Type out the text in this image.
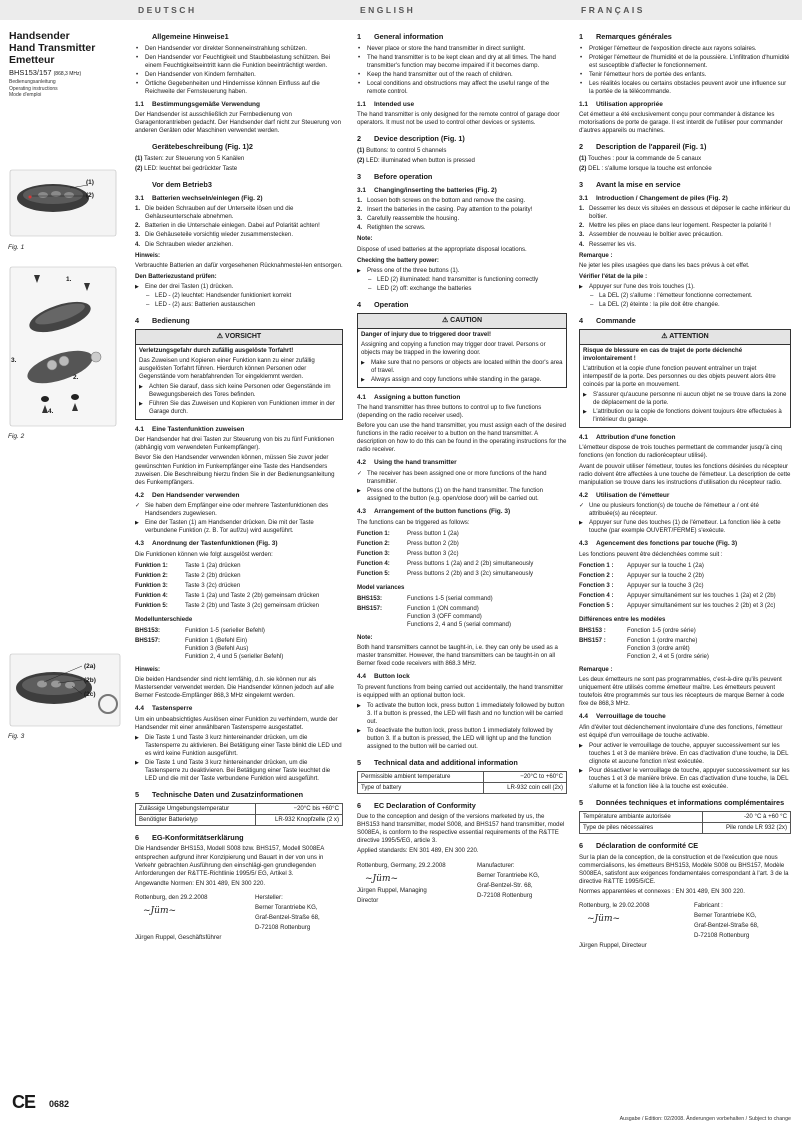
DEUTSCH	ENGLISH	FRANÇAIS
Handsender
Hand Transmitter
Emetteur
BHS153/157 (868,3 MHz)
Bedienungsanleitung
Operating instructions
Mode d'emploi
(1)
(2)
Fig. 1
1.
3.
2.
4.
Fig. 2
(2a)
(2b)
(2c)
Fig. 3
CE 0682
Allgemeine Hinweise1
• Den Handsender vor direkter Sonneneinstrahlung schützen.
• Den Handsender vor Feuchtigkeit und Staubbelastung schützen. Bei einem Feuchtigkeitseintritt kann die Funktion beeinträchtigt werden.
• Den Handsender von Kindern fernhalten.
• Örtliche Gegebenheiten und Hindernisse können Einfluss auf die Reichweite der Fernsteuerung haben.
1.1	Bestimmungsgemäße Verwendung

Der Handsender ist ausschließlich zur Fernbedienung von Garagentorantrieben gedacht. Der Handsender darf nicht zur Steuerung von anderen Geräten oder Maschinen verwendet werden.

Gerätebeschreibung (Fig. 1)2

(1) Tasten: zur Steuerung von 5 Kanälen

(2) LED: leuchtet bei gedrückter Taste

Vor dem Betrieb3
3.1	Batterien wechseln/einlegen (Fig. 2)
1. Die beiden Schrauben auf der Unterseite lösen und die Gehäuseunterschale abnehmen.
2. Batterien in die Unterschale einlegen. Dabei auf Polarität achten!
3. Die Gehäuseteile vorsichtig wieder zusammenstecken.
4. Die Schrauben wieder anziehen.

Hinweis:

Verbrauchte Batterien an dafür vorgesehenen Rücknahmestel-len entsorgen.

Den Batteriezustand prüfen:

▶ Eine der drei Tasten (1) drücken.
– LED - (2) leuchtet: Handsender funktioniert korrekt
– LED - (2) aus: Batterien austauschen
4	Bedienung
⚠ VORSICHT

Verletzungsgefahr durch zufällig ausgelöste Torfahrt!

Das Zuweisen und Kopieren einer Funktion kann zu einer zufällig ausgelösten Torfahrt führen. Hierdurch können Personen oder Gegenstände vom herabfahrenden Tor eingeklemmt werden.

▶ Achten Sie darauf, dass sich keine Personen oder Gegenstände im Bewegungsbereich des Tores befinden.
▶ Führen Sie das Zuweisen und Kopieren von Funktionen immer in der Garage durch.
4.1	Eine Tastenfunktion zuweisen

Der Handsender hat drei Tasten zur Steuerung von bis zu fünf Funktionen (abhängig vom verwendeten Funkempfänger).

Bevor Sie den Handsender verwenden können, müssen Sie zuvor jeder gewünschten Funktion im Funkempfänger eine Taste des Handsenders zuweisen. Die Beschreibung hierzu finden Sie in der Bedienungsanleitung des Funkempfängers.

4.2	Den Handsender verwenden
✓ Sie haben dem Empfänger eine oder mehrere Tastenfunktionen des Handsenders zugewiesen.
▶ Eine der Tasten (1) am Handsender drücken. Die mit der Taste verbundene Funktion (z. B. Tor auf/zu) wird ausgeführt.
4.3	Anordnung der Tastenfunktionen (Fig. 3)

Die Funktionen können wie folgt ausgelöst werden:

Funktion 1:	Taste 1 (2a) drücken
Funktion 2:	Taste 2 (2b) drücken
Funktion 3:	Taste 3 (2c) drücken
Funktion 4:	Taste 1 (2a) und Taste 2 (2b) gemeinsam drücken
Funktion 5:	Taste 2 (2b) und Taste 3 (2c) gemeinsam drücken

Modellunterschiede

BHS153:	Funktion 1-5 (serieller Befehl)
BHS157:	Funktion 1 (Befehl Ein)
Funktion 3 (Befehl Aus)
Funktion 2, 4 und 5 (serieller Befehl)

Hinweis:

Die beiden Handsender sind nicht lernfähig, d.h. sie können nur als Mastersender verwendet werden. Die Handsender können jedoch auf alle Berner Festcode-Empfänger 868,3 MHz eingelernt werden.

4.4	Tastensperre

Um ein unbeabsichtigtes Auslösen einer Funktion zu verhindern, wurde der Handsender mit einer anwählbaren Tastensperre ausgestattet.

▶ Die Taste 1 und Taste 3 kurz hintereinander drücken, um die Tastensperre zu aktivieren. Bei Betätigung einer Taste blinkt die LED und es wird keine Funktion ausgeführt.
▶ Die Taste 1 und Taste 3 kurz hintereinander drücken, um die Tastensperre zu deaktivieren. Bei Betätigung einer Taste leuchtet die LED und die mit der Taste verbundene Funktion wird ausgeführt.
5	Technische Daten und Zusatzinformationen
Zulässige Umgebungstemperatur	−20°C bis +60°C
Benötigter Batterietyp	LR-932 Knopfzelle (2 x)
6	EG-Konformitätserklärung

Die Handsender BHS153, Modell S008 bzw. BHS157, Modell S008EA entsprechen aufgrund ihrer Konzipierung und Bauart in der von uns in Verkehr gebrachten Ausführung den einschlägi-gen grundlegenden Anforderungen der R&TTE-Richtlinie 1995/5/ EG, Artikel 3.

Angewandte Normen: EN 301 489, EN 300 220.

Rottenburg, den 29.2.2008

~Jüm~

Hersteller:

Berner Torantriebe KG,

Graf-Bentzel-Straße 68,

D-72108 Rottenburg

Jürgen Ruppel, Geschäftsführer

1	General information
• Never place or store the hand transmitter in direct sunlight.
• The hand transmitter is to be kept clean and dry at all times. The hand transmitter's function may become impaired if it becomes damp.
• Keep the hand transmitter out of the reach of children.
• Local conditions and obstructions may affect the useful range of the remote control.
1.1	Intended use

The hand transmitter is only designed for the remote control of garage door operators. It must not be used to control other devices or systems.

2	Device description (Fig. 1)

(1) Buttons: to control 5 channels

(2) LED: illuminated when button is pressed

3	Before operation
3.1	Changing/inserting the batteries (Fig. 2)
1. Loosen both screws on the bottom and remove the casing.
2. Insert the batteries in the casing. Pay attention to the polarity!
3. Carefully reassemble the housing.
4. Retighten the screws.

Note:

Dispose of used batteries at the appropriate disposal locations.

Checking the battery power:

▶ Press one of the three buttons (1).
– LED (2) illuminated: hand transmitter is functioning correctly
– LED (2) off: exchange the batteries
4	Operation
⚠ CAUTION

Danger of injury due to triggered door travel!

Assigning and copying a function may trigger door travel. Persons or objects may be trapped in the lowering door.

▶ Make sure that no persons or objects are located within the door's area of travel.
▶ Always assign and copy functions while standing in the garage.
4.1	Assigning a button function

The hand transmitter has three buttons to control up to five functions (depending on the radio receiver used).

Before you can use the hand transmitter, you must assign each of the desired functions in the radio receiver to a button on the hand transmitter. A description on how to do this can be found in the operating instructions for the radio receiver.

4.2	Using the hand transmitter
✓ The receiver has been assigned one or more functions of the hand transmitter.
▶ Press one of the buttons (1) on the hand transmitter. The function assigned to the button (e.g. open/close door) will be carried out.
4.3	Arrangement of the button functions (Fig. 3)

The functions can be triggered as follows:

Function 1:	Press button 1 (2a)
Function 2:	Press button 2 (2b)
Function 3:	Press button 3 (2c)
Function 4:	Press buttons 1 (2a) and 2 (2b) simultaneously
Function 5:	Press buttons 2 (2b) and 3 (2c) simultaneously

Model variances

BHS153:	Functions 1-5 (serial command)
BHS157:	Function 1 (ON command)
Function 3 (OFF command)
Functions 2, 4 and 5 (serial command)

Note:

Both hand transmitters cannot be taught-in, i.e. they can only be used as a master transmitter. However, the hand transmitters can be taught-in on all Berner fixed code receivers with 868.3 MHz.

4.4	Button lock

To prevent functions from being carried out accidentally, the hand transmitter is equipped with an optional button lock.

▶ To activate the button lock, press button 1 immediately followed by button 3. If a button is pressed, the LED will flash and no function will be carried out.
▶ To deactivate the button lock, press button 1 immediately followed by button 3. If a button is pressed, the LED will light up and the function assigned to the button will be carried out.
5	Technical data and additional information
Permissible ambient temperature	−20°C to +60°C
Type of battery	LR-932 coin cell (2x)
6	EC Declaration of Conformity

Due to the conception and design of the versions marketed by us, the BHS153 hand transmitter, model S008, and BHS157 hand transmitter, model S008EA, is conform to the respective essential requirements of the R&TTE directive 1995/5/EG, article 3.

Applied standards: EN 301 489, EN 300 220.

Rottenburg, Germany, 29.2.2008

~Jüm~

Jürgen Ruppel, Managing

Director

Manufacturer:

Berner Torantriebe KG,

Graf-Bentzel-Str. 68,

D-72108 Rottenburg

1	Remarques générales
• Protéger l'émetteur de l'exposition directe aux rayons solaires.
• Protéger l'émetteur de l'humidité et de la poussière. L'infiltration d'humidité est susceptible d'affecter le fonctionnement.
• Tenir l'émetteur hors de portée des enfants.
• Les réalités locales ou certains obstacles peuvent avoir une influence sur la portée de la télécommande.
1.1	Utilisation appropriée

Cet émetteur a été exclusivement conçu pour commander à distance les motorisations de porte de garage. Il est interdit de l'utiliser pour commander d'autres appareils ou machines.

2	Description de l'appareil (Fig. 1)

(1) Touches : pour la commande de 5 canaux

(2) DEL : s'allume lorsque la touche est enfoncée

3	Avant la mise en service
3.1	Introduction / Changement de piles (Fig. 2)
1. Desserrer les deux vis situées en dessous et déposer le cache inférieur du boîtier.
2. Mettre les piles en place dans leur logement. Respecter la polarité !
3. Assembler de nouveau le boîtier avec précaution.
4. Resserrer les vis.

Remarque :

Ne jeter les piles usagées que dans les bacs prévus à cet effet.

Vérifier l'état de la pile :

▶ Appuyer sur l'une des trois touches (1).
– La DEL (2) s'allume : l'émetteur fonctionne correctement.
– La DEL (2) éteinte : la pile doit être changée.
4	Commande
⚠ ATTENTION

Risque de blessure en cas de trajet de porte déclenché involontairement !

L'attribution et la copie d'une fonction peuvent entraîner un trajet intempestif de la porte. Des personnes ou des objets peuvent alors être coincés par la porte en mouvement.

▶ S'assurer qu'aucune personne ni aucun objet ne se trouve dans la zone de déplacement de la porte.
▶ L'attribution ou la copie de fonctions doivent toujours être effectuées à l'intérieur du garage.
4.1	Attribution d'une fonction

L'émetteur dispose de trois touches permettant de commander jusqu'à cinq fonctions (en fonction du radiorécepteur utilisé).

Avant de pouvoir utiliser l'émetteur, toutes les fonctions désirées du récepteur radio doivent être affectées à une touche de l'émetteur. La description de cette manipulation se trouve dans les instructions d'utilisation du récepteur radio.

4.2	Utilisation de l'émetteur
✓ Une ou plusieurs fonction(s) de touche de l'émetteur a / ont été attribuée(s) au récepteur.
▶ Appuyer sur l'une des touches (1) de l'émetteur. La fonction liée à cette touche (par exemple OUVERT/FERME) s'exécute.
4.3	Agencement des fonctions par touche (Fig. 3)

Les fonctions peuvent être déclenchées comme suit :

Fonction 1 :	Appuyer sur la touche 1 (2a)
Fonction 2 :	Appuyer sur la touche 2 (2b)
Fonction 3 :	Appuyer sur la touche 3 (2c)
Fonction 4 :	Appuyer simultanément sur les touches 1 (2a) et 2 (2b)
Fonction 5 :	Appuyer simultanément sur les touches 2 (2b) et 3 (2c)

Différences entre les modèles

BHS153 :	Fonction 1-5 (ordre série)
BHS157 :	Fonction 1 (ordre marche)
Fonction 3 (ordre arrêt)
Fonction 2, 4 et 5 (ordre série)

Remarque :

Les deux émetteurs ne sont pas programmables, c'est-à-dire qu'ils peuvent uniquement être utilisés comme émetteur maître. Les émetteurs peuvent toutefois être programmés sur tous les récepteurs de marque Berner à code fixe de 868,3 MHz.

4.4	Verrouillage de touche

Afin d'éviter tout déclenchement involontaire d'une des fonctions, l'émetteur est équipé d'un verrouillage de touche activable.

▶ Pour activer le verrouillage de touche, appuyer successivement sur les touches 1 et 3 de manière brève. En cas d'activation d'une touche, la DEL clignote et aucune fonction n'est exécutée.
▶ Pour désactiver le verrouillage de touche, appuyer successivement sur les touches 1 et 3 de manière brève. En cas d'activation d'une touche, la DEL s'allume et la fonction liée à la touche est exécutée.
5	Données techniques et informations complémentaires
Température ambiante autorisée	-20 °C à +60 °C
Type de piles nécessaires	Pile ronde LR 932 (2x)
6	Déclaration de conformité CE

Sur la plan de la conception, de la construction et de l'exécution que nous commercialisons, les émetteurs BHS153, Modèle S008 ou BHS157, Modèle S008EA, satisfont aux exigences fondamentales correspondant à l'art. 3 de la directive R&TTE 1995/5/CE.

Normes apparentées et connexes : EN 301 489, EN 300 220.

Rottenburg, le 29.02.2008

~Jüm~

Fabricant :

Berner Torantriebe KG,

Graf-Bentzel-Straße 68,

D-72108 Rottenburg

Jürgen Ruppel, Directeur

Ausgabe / Edition: 02/2008. Änderungen vorbehalten / Subject to change
